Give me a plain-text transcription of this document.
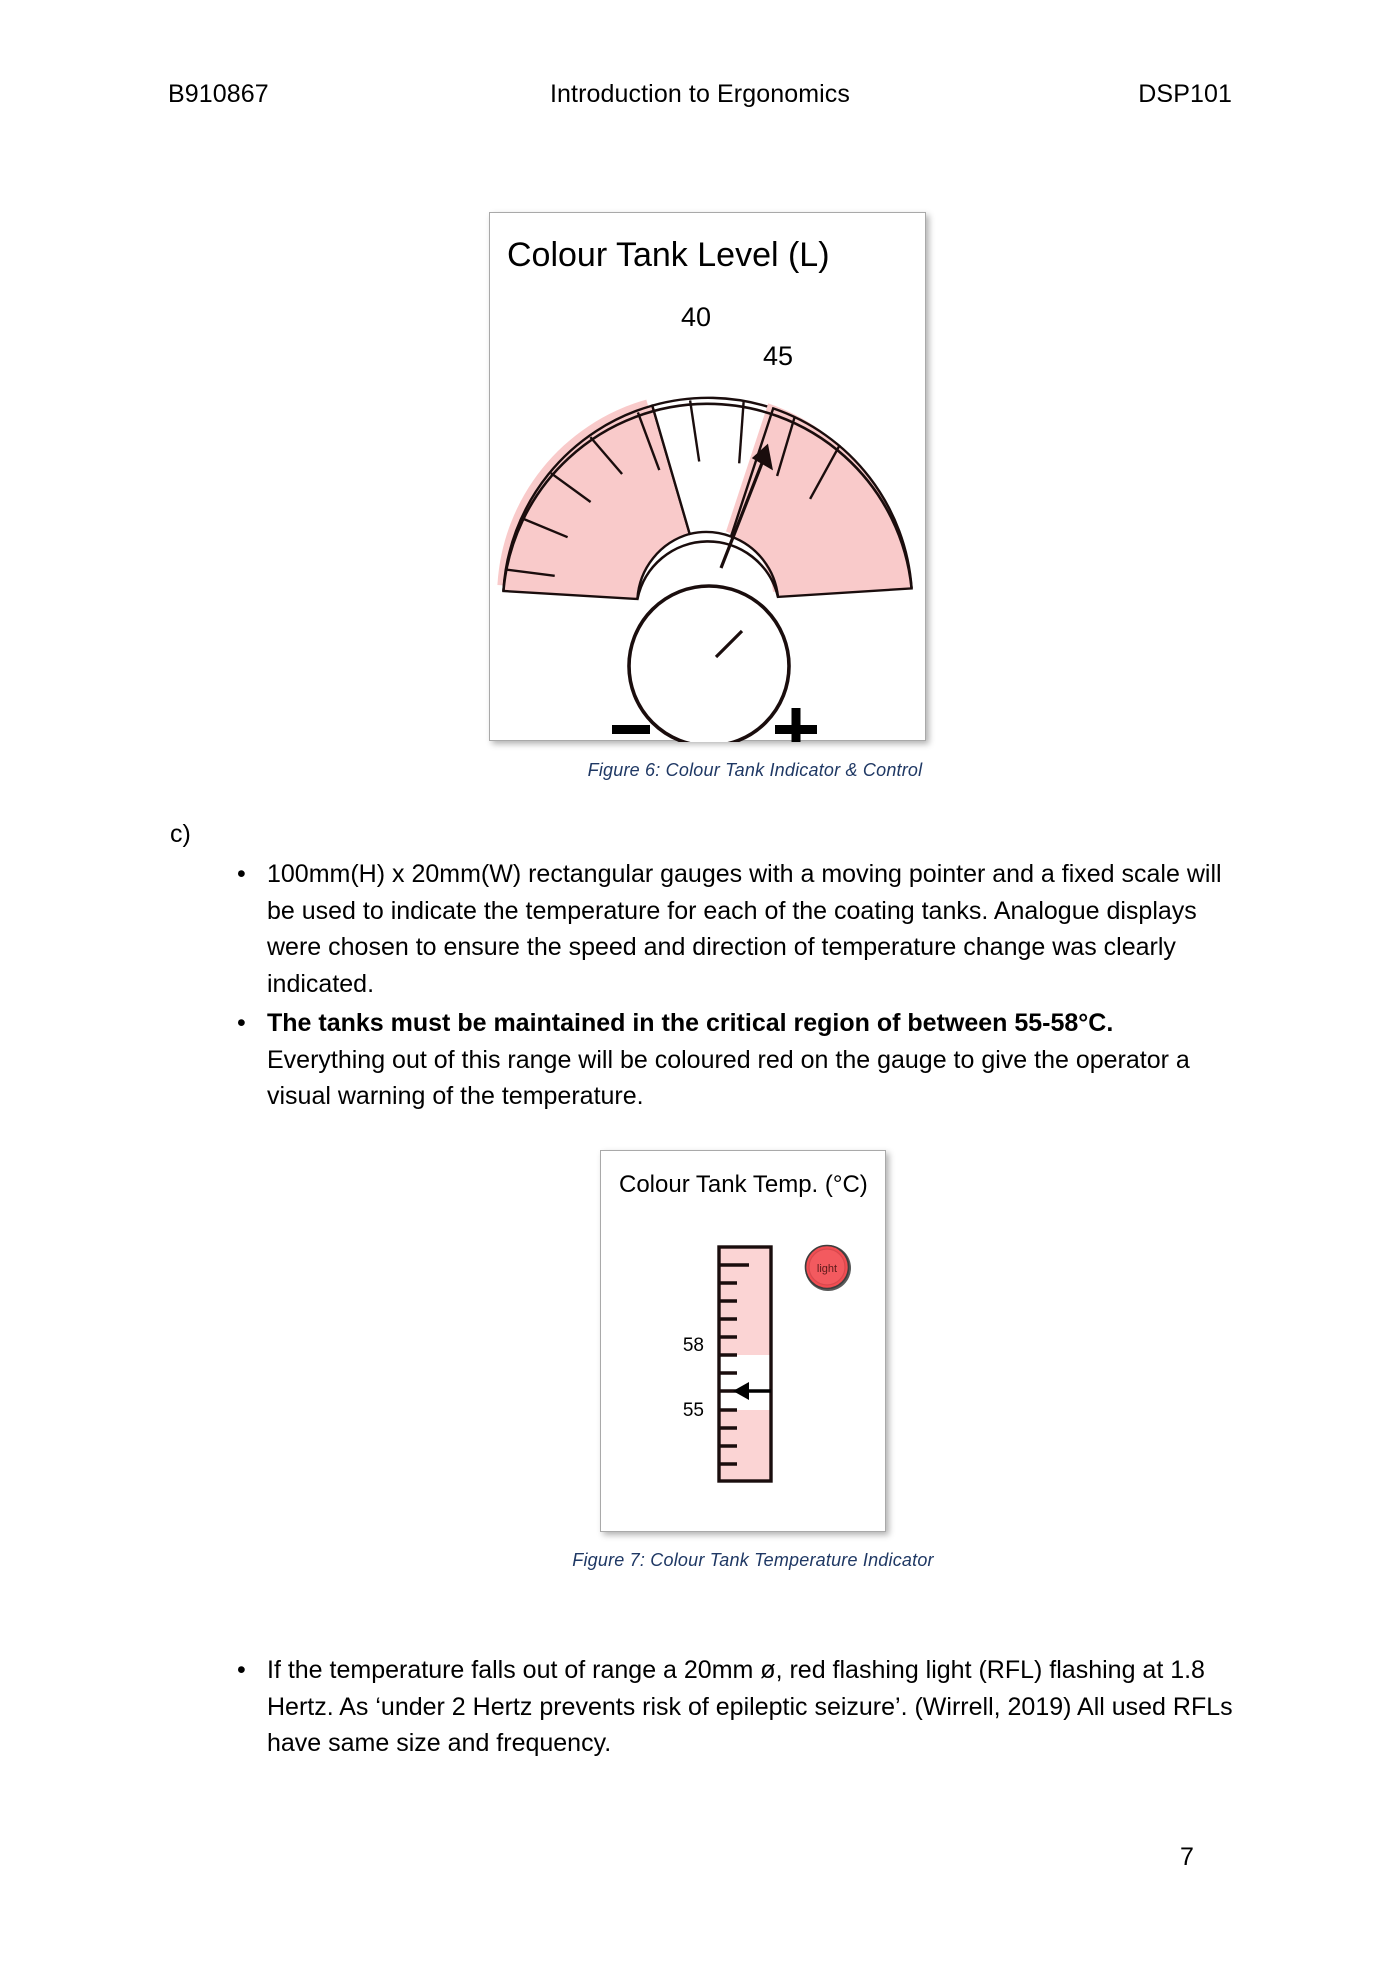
B910867	Introduction to Ergonomics	DSP101
Colour Tank Level (L)
40
45
Figure 6: Colour Tank Indicator & Control
c)
• 100mm(H) x 20mm(W) rectangular gauges with a moving pointer and a fixed scale will be used to indicate the temperature for each of the coating tanks. Analogue displays were chosen to ensure the speed and direction of temperature change was clearly indicated.
• The tanks must be maintained in the critical region of between 55-58°C. Everything out of this range will be coloured red on the gauge to give the operator a visual warning of the temperature.
Colour Tank Temp. (°C)
58
55
light
Figure 7: Colour Tank Temperature Indicator
• If the temperature falls out of range a 20mm ø, red flashing light (RFL) flashing at 1.8 Hertz. As ‘under 2 Hertz prevents risk of epileptic seizure’. (Wirrell, 2019) All used RFLs have same size and frequency.
7
